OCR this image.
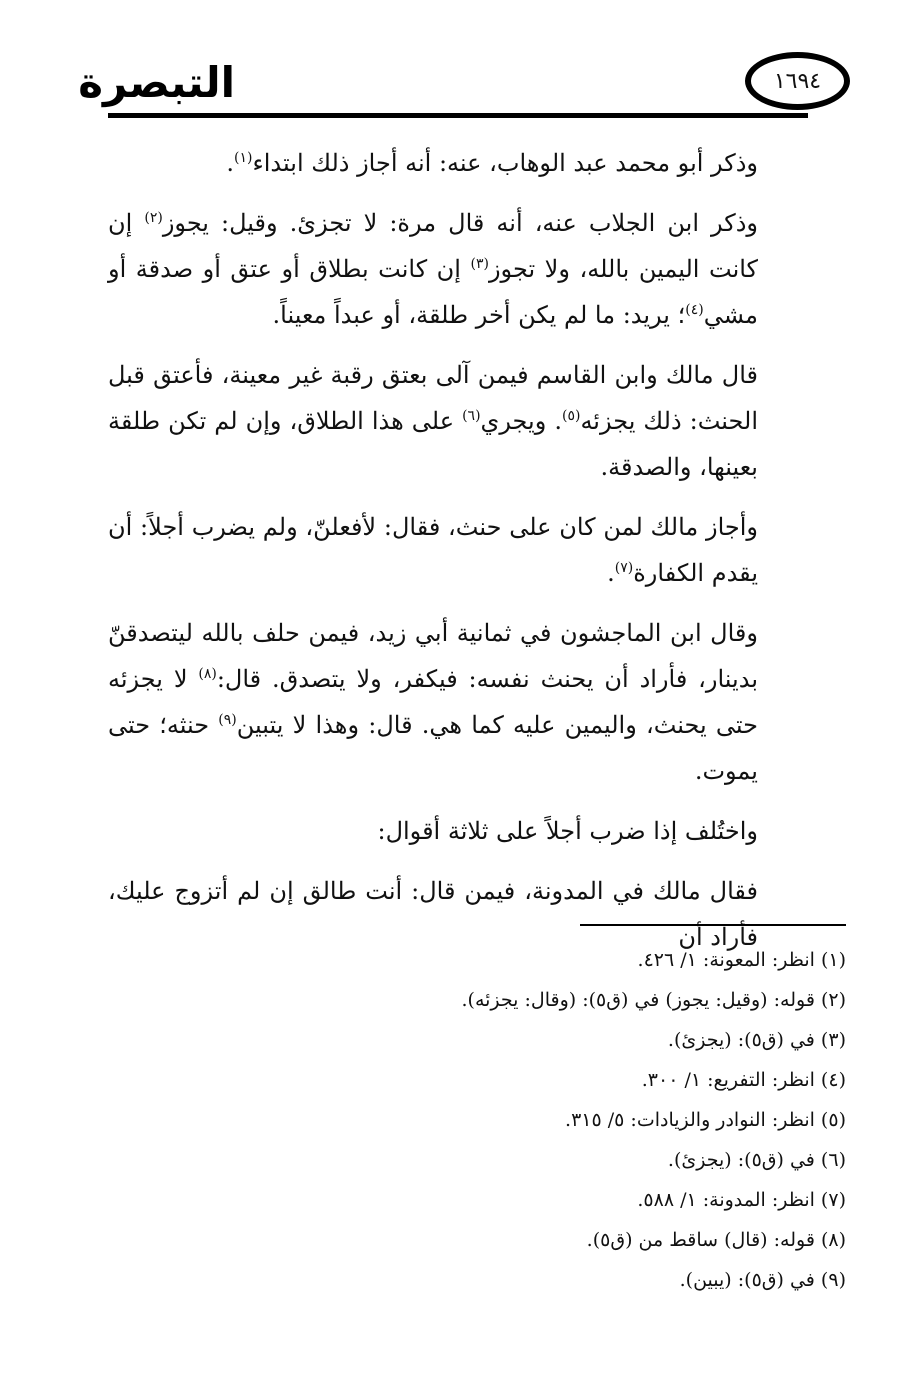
التبصرة	١٦٩٤

وذكر أبو محمد عبد الوهاب، عنه: أنه أجاز ذلك ابتداء$^{(١)}$.

وذكر ابن الجلاب عنه، أنه قال مرة: لا تجزئ. وقيل: يجوز$^{(٢)}$ إن كانت اليمين بالله، ولا تجوز$^{(٣)}$ إن كانت بطلاق أو عتق أو صدقة أو مشي$^{(٤)}$؛ يريد: ما لم يكن أخر طلقة، أو عبداً معيناً.

قال مالك وابن القاسم فيمن آلى بعتق رقبة غير معينة، فأعتق قبل الحنث: ذلك يجزئه$^{(٥)}$. ويجري$^{(٦)}$ على هذا الطلاق، وإن لم تكن طلقة بعينها، والصدقة.

وأجاز مالك لمن كان على حنث، فقال: لأفعلنّ، ولم يضرب أجلاً: أن يقدم الكفارة$^{(٧)}$.

وقال ابن الماجشون في ثمانية أبي زيد، فيمن حلف بالله ليتصدقنّ بدينار، فأراد أن يحنث نفسه: فيكفر، ولا يتصدق. قال:$^{(٨)}$ لا يجزئه حتى يحنث، واليمين عليه كما هي. قال: وهذا لا يتبين$^{(٩)}$ حنثه؛ حتى يموت.

واختُلف إذا ضرب أجلاً على ثلاثة أقوال:

فقال مالك في المدونة، فيمن قال: أنت طالق إن لم أتزوج عليك، فأراد أن

(١) انظر: المعونة: ١/ ٤٢٦.

(٢) قوله: (وقيل: يجوز) في (ق٥): (وقال: يجزئه).

(٣) في (ق٥): (يجزئ).

(٤) انظر: التفريع: ١/ ٣٠٠.

(٥) انظر: النوادر والزيادات: ٥/ ٣١٥.

(٦) في (ق٥): (يجزئ).

(٧) انظر: المدونة: ١/ ٥٨٨.

(٨) قوله: (قال) ساقط من (ق٥).

(٩) في (ق٥): (يبين).
